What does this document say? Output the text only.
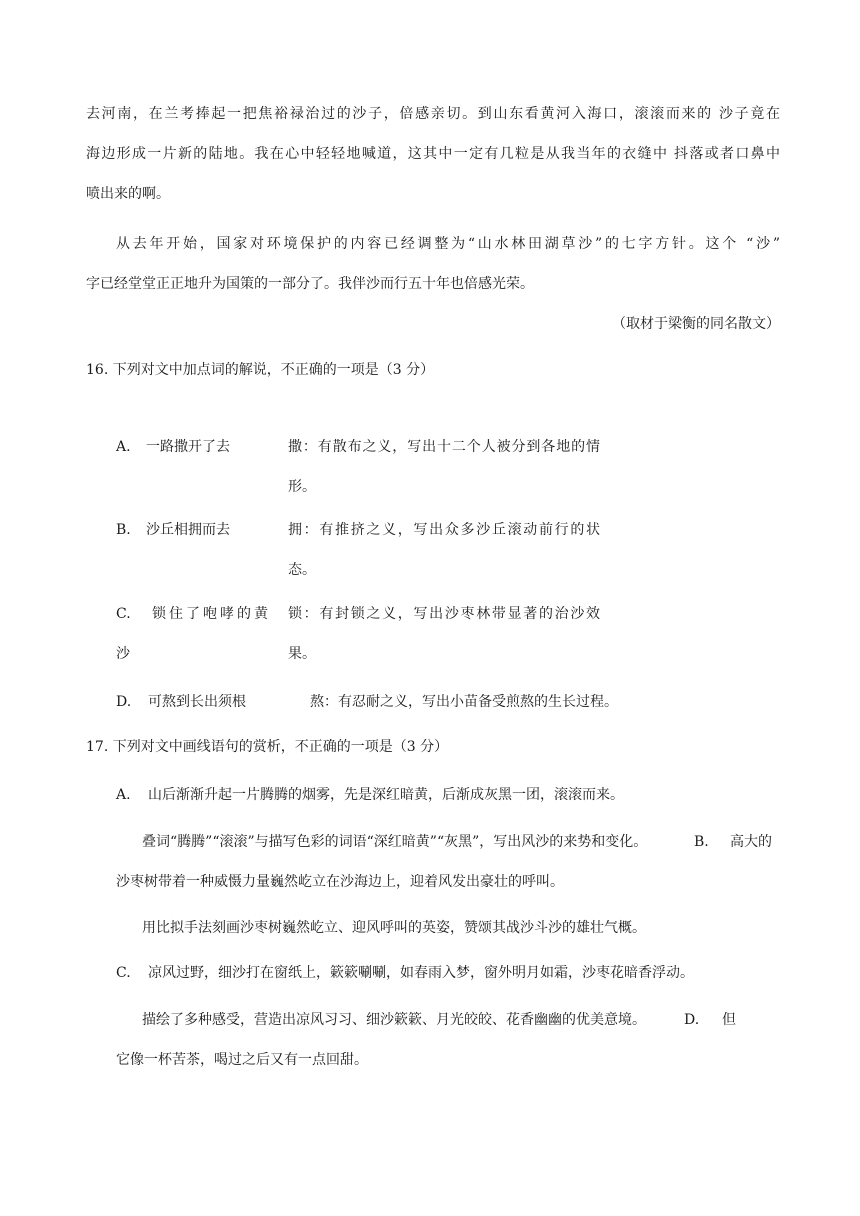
去河南，在兰考捧起一把焦裕禄治过的沙子，倍感亲切。到山东看黄河入海口，滚滚而来的 沙子竟在
海边形成一片新的陆地。我在心中轻轻地喊道，这其中一定有几粒是从我当年的衣缝中 抖落或者口鼻中
喷出来的啊。
从去年开始，国家对环境保护的内容已经调整为“山水林田湖草沙”的七字方针。这个 “沙”
字已经堂堂正正地升为国策的一部分了。我伴沙而行五十年也倍感光荣。
（取材于梁衡的同名散文）
16. 下列对文中加点词的解说，不正确的一项是（3 分）
A. 一路撒开了去	撒：有散布之义，写出十二个人被分到各地的情
形。
B. 沙丘相拥而去	拥：有推挤之义，写出众多沙丘滚动前行的状
态。
C. 锁住了咆哮的黄
沙
锁：有封锁之义，写出沙枣林带显著的治沙效
果。
D. 可熬到长出须根	熬：有忍耐之义，写出小苗备受煎熬的生长过程。
17. 下列对文中画线语句的赏析，不正确的一项是（3 分）
A. 山后渐渐升起一片腾腾的烟雾，先是深红暗黄，后渐成灰黑一团，滚滚而来。
叠词“腾腾”“滚滚”与描写色彩的词语“深红暗黄”“灰黑”，写出风沙的来势和变化。	B. 高大的
沙枣树带着一种威慑力量巍然屹立在沙海边上，迎着风发出豪壮的呼叫。
用比拟手法刻画沙枣树巍然屹立、迎风呼叫的英姿，赞颂其战沙斗沙的雄壮气概。
C. 凉风过野，细沙打在窗纸上，簌簌唰唰，如春雨入梦，窗外明月如霜，沙枣花暗香浮动。
描绘了多种感受，营造出凉风习习、细沙簌簌、月光皎皎、花香幽幽的优美意境。	D. 但
它像一杯苦茶，喝过之后又有一点回甜。
